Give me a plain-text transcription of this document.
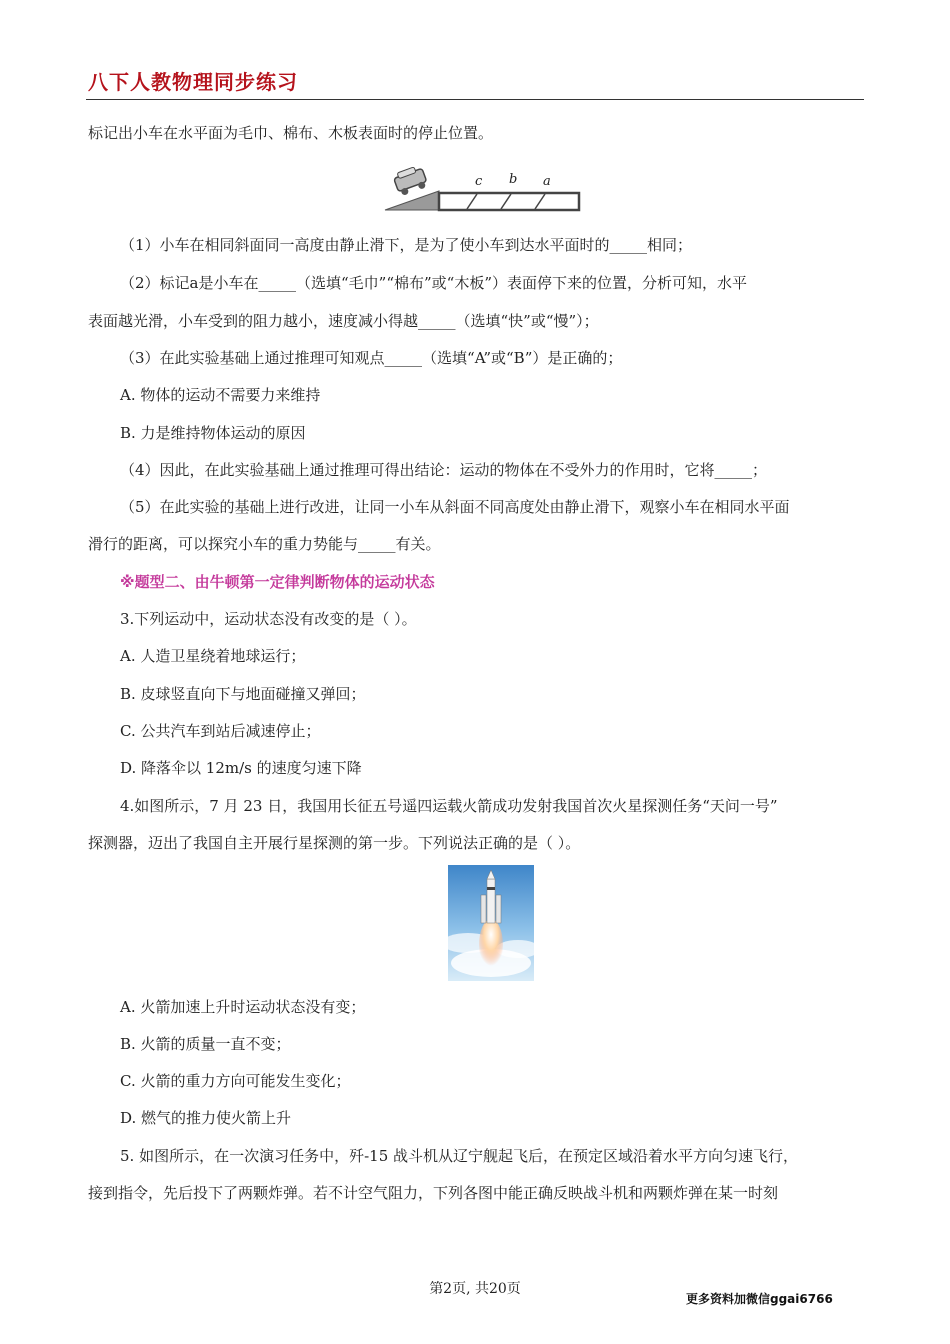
八下人教物理同步练习
标记出小车在水平面为毛巾、棉布、木板表面时的停止位置。
c b a
（1）小车在相同斜面同一高度由静止滑下，是为了使小车到达水平面时的_____相同；
（2）标记a是小车在_____（选填“毛巾”“棉布”或“木板”）表面停下来的位置，分析可知，水平
表面越光滑，小车受到的阻力越小，速度减小得越_____（选填“快”或“慢”）；
（3）在此实验基础上通过推理可知观点_____（选填“A”或“B”）是正确的；
A. 物体的运动不需要力来维持
B. 力是维持物体运动的原因
（4）因此，在此实验基础上通过推理可得出结论：运动的物体在不受外力的作用时，它将_____；
（5）在此实验的基础上进行改进，让同一小车从斜面不同高度处由静止滑下，观察小车在相同水平面
滑行的距离，可以探究小车的重力势能与_____有关。
※题型二、由牛顿第一定律判断物体的运动状态
3.下列运动中，运动状态没有改变的是（ ）。
A. 人造卫星绕着地球运行；
B. 皮球竖直向下与地面碰撞又弹回；
C. 公共汽车到站后减速停止；
D. 降落伞以 12m/s 的速度匀速下降
4.如图所示，7 月 23 日，我国用长征五号遥四运载火箭成功发射我国首次火星探测任务“天问一号”
探测器，迈出了我国自主开展行星探测的第一步。下列说法正确的是（ ）。
A. 火箭加速上升时运动状态没有变；
B. 火箭的质量一直不变；
C. 火箭的重力方向可能发生变化；
D. 燃气的推力使火箭上升
5. 如图所示，在一次演习任务中，歼-15 战斗机从辽宁舰起飞后，在预定区域沿着水平方向匀速飞行，
接到指令，先后投下了两颗炸弹。若不计空气阻力，下列各图中能正确反映战斗机和两颗炸弹在某一时刻
第2页, 共20页
更多资料加微信ggai6766
